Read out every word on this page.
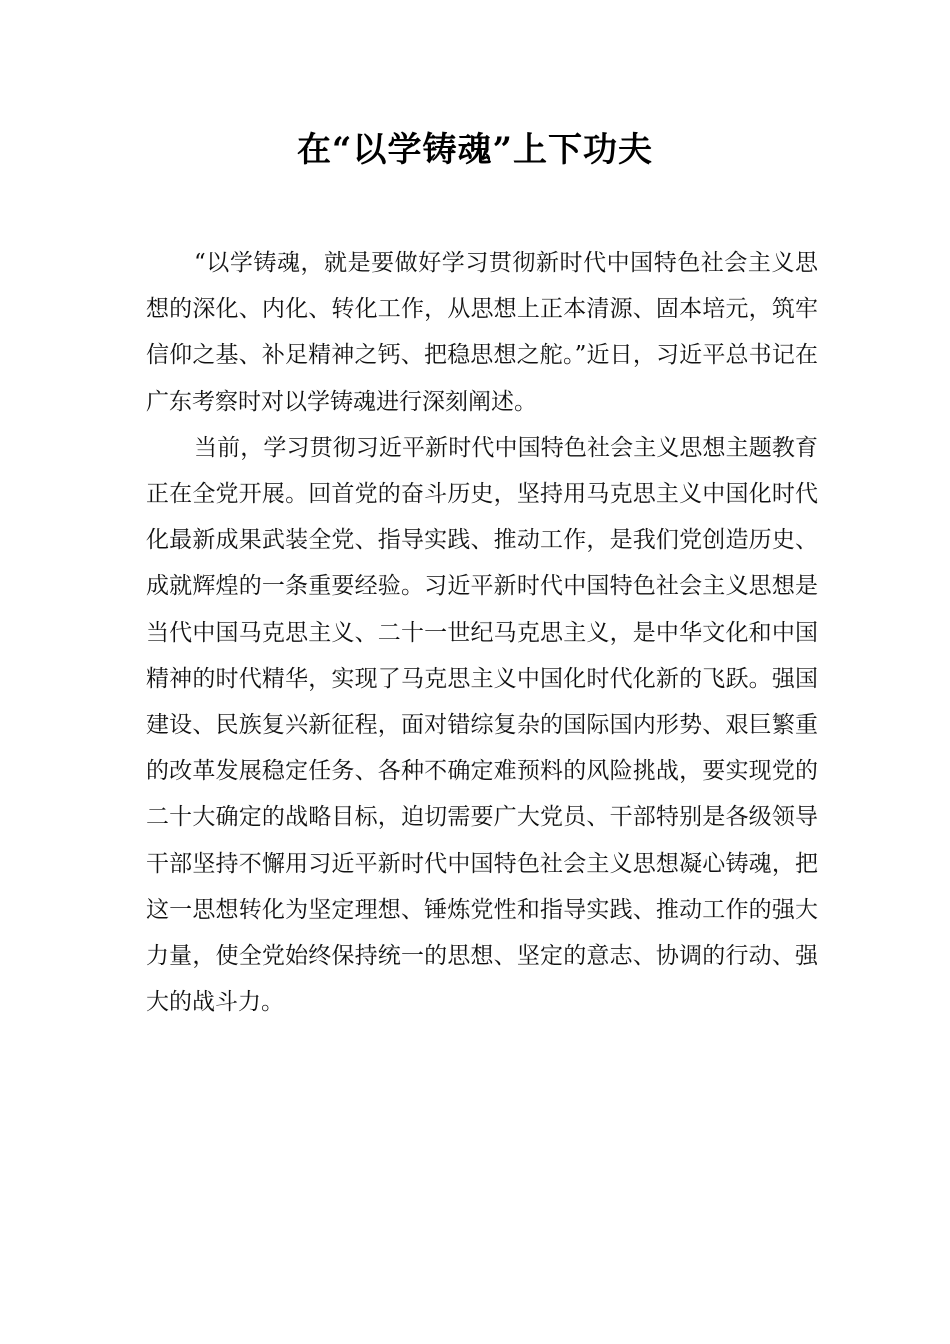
在“以学铸魂”上下功夫

“以学铸魂，就是要做好学习贯彻新时代中国特色社会主义思想的深化、内化、转化工作，从思想上正本清源、固本培元，筑牢信仰之基、补足精神之钙、把稳思想之舵。”近日，习近平总书记在广东考察时对以学铸魂进行深刻阐述。

当前，学习贯彻习近平新时代中国特色社会主义思想主题教育正在全党开展。回首党的奋斗历史，坚持用马克思主义中国化时代化最新成果武装全党、指导实践、推动工作，是我们党创造历史、成就辉煌的一条重要经验。习近平新时代中国特色社会主义思想是当代中国马克思主义、二十一世纪马克思主义，是中华文化和中国精神的时代精华，实现了马克思主义中国化时代化新的飞跃。强国建设、民族复兴新征程，面对错综复杂的国际国内形势、艰巨繁重的改革发展稳定任务、各种不确定难预料的风险挑战，要实现党的二十大确定的战略目标，迫切需要广大党员、干部特别是各级领导干部坚持不懈用习近平新时代中国特色社会主义思想凝心铸魂，把这一思想转化为坚定理想、锤炼党性和指导实践、推动工作的强大力量，使全党始终保持统一的思想、坚定的意志、协调的行动、强大的战斗力。
